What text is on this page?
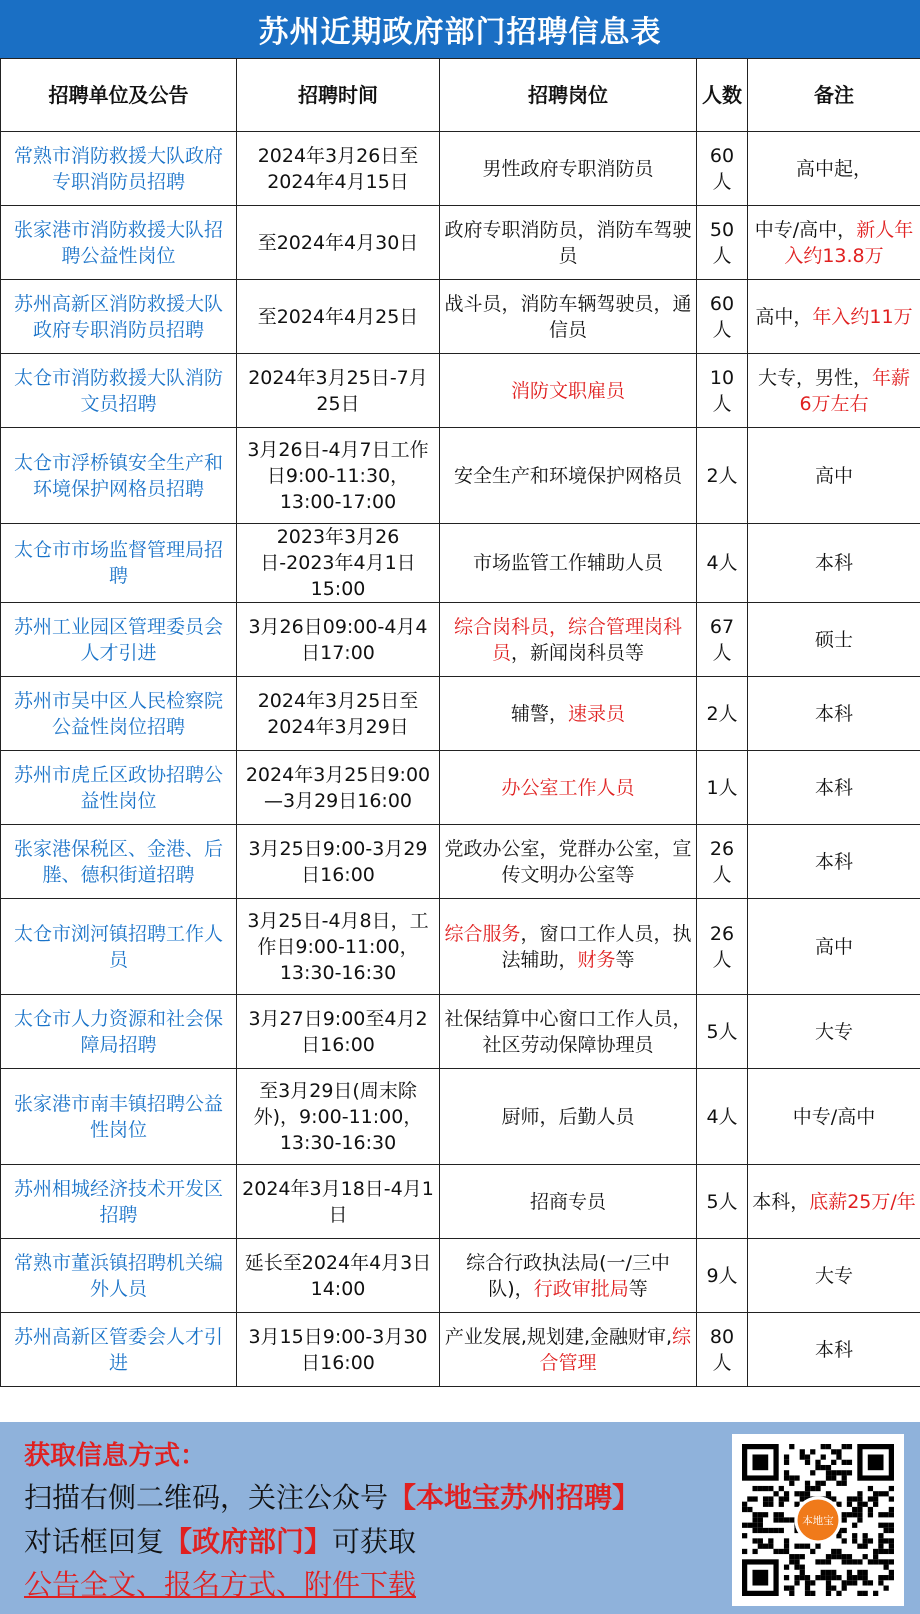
苏州近期政府部门招聘信息表
招聘单位及公告	招聘时间	招聘岗位	人数	备注
常熟市消防救援大队政府专职消防员招聘	2024年3月26日至2024年4月15日	男性政府专职消防员	60人	高中起，
张家港市消防救援大队招聘公益性岗位	至2024年4月30日	政府专职消防员，消防车驾驶员	50人	中专/高中，新人年入约13.8万
苏州高新区消防救援大队政府专职消防员招聘	至2024年4月25日	战斗员，消防车辆驾驶员，通信员	60人	高中，年入约11万
太仓市消防救援大队消防文员招聘	2024年3月25日-7月25日	消防文职雇员	10人	大专，男性，年薪6万左右
太仓市浮桥镇安全生产和环境保护网格员招聘	3月26日-4月7日工作日9:00-11:30，13:00-17:00	安全生产和环境保护网格员	2人	高中
太仓市市场监督管理局招聘	2023年3月26日-2023年4月1日15:00	市场监管工作辅助人员	4人	本科
苏州工业园区管理委员会人才引进	3月26日09:00-4月4日17:00	综合岗科员，综合管理岗科员，新闻岗科员等	67人	硕士
苏州市吴中区人民检察院公益性岗位招聘	2024年3月25日至2024年3月29日	辅警，速录员	2人	本科
苏州市虎丘区政协招聘公益性岗位	2024年3月25日9:00—3月29日16:00	办公室工作人员	1人	本科
张家港保税区、金港、后塍、德积街道招聘	3月25日9:00-3月29日16:00	党政办公室，党群办公室，宣传文明办公室等	26人	本科
太仓市浏河镇招聘工作人员	3月25日-4月8日，工作日9:00-11:00，13:30-16:30	综合服务，窗口工作人员，执法辅助，财务等	26人	高中
太仓市人力资源和社会保障局招聘	3月27日9:00至4月2日16:00	社保结算中心窗口工作人员，社区劳动保障协理员	5人	大专
张家港市南丰镇招聘公益性岗位	至3月29日(周末除外)，9:00-11:00，13:30-16:30	厨师，后勤人员	4人	中专/高中
苏州相城经济技术开发区招聘	2024年3月18日-4月1日	招商专员	5人	本科，底薪25万/年
常熟市董浜镇招聘机关编外人员	延长至2024年4月3日14:00	综合行政执法局(一/三中队)，行政审批局等	9人	大专
苏州高新区管委会人才引进	3月15日9:00-3月30日16:00	产业发展,规划建,金融财审,综合管理	80人	本科
获取信息方式：
扫描右侧二维码，关注公众号【本地宝苏州招聘】
对话框回复【政府部门】可获取
公告全文、报名方式、附件下载
本地宝
